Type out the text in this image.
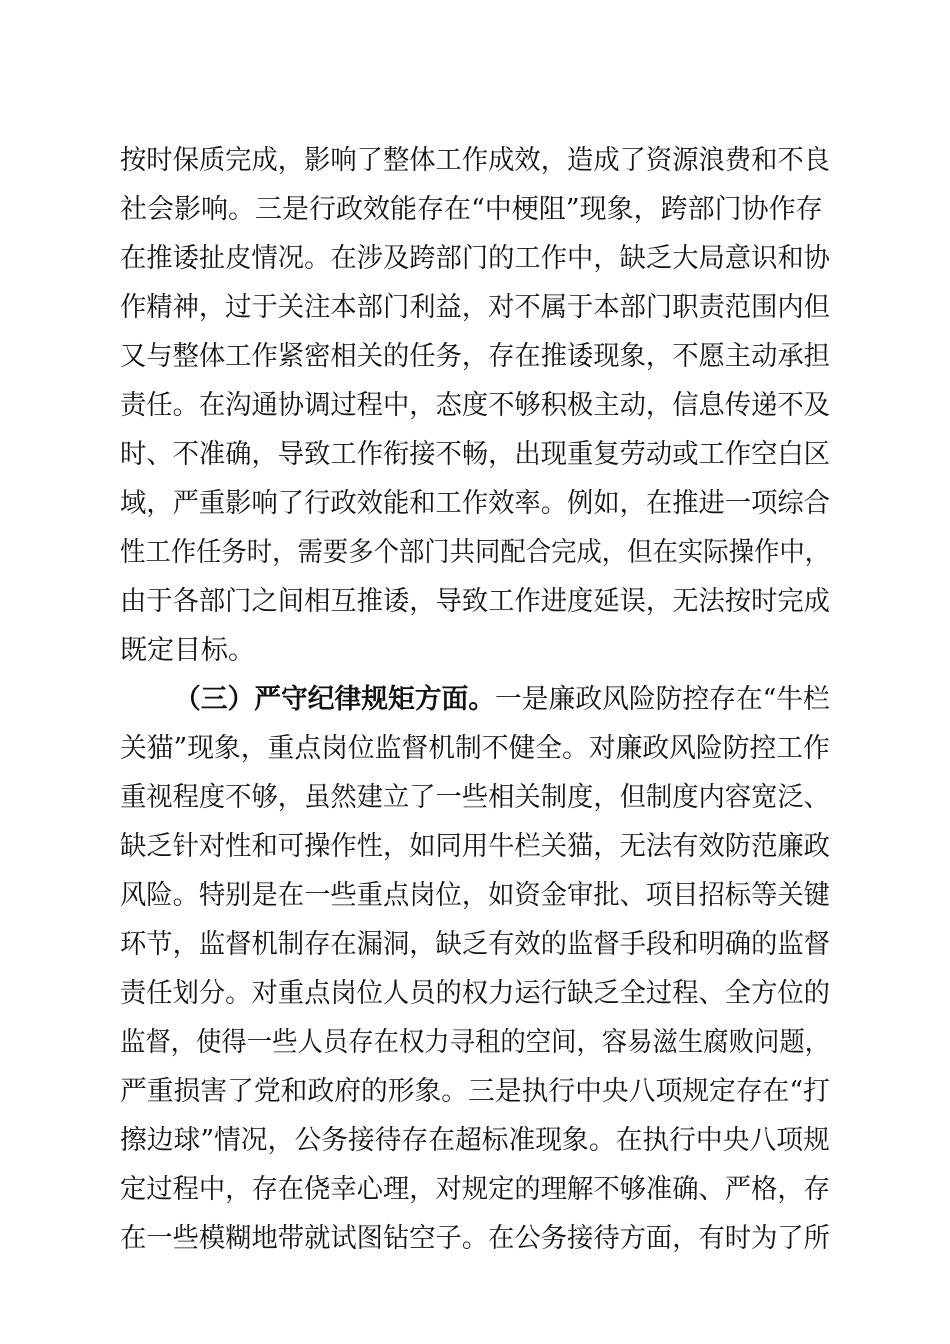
按时保质完成，影响了整体工作成效，造成了资源浪费和不良
社会影响。三是行政效能存在“中梗阻”现象，跨部门协作存
在推诿扯皮情况。在涉及跨部门的工作中，缺乏大局意识和协
作精神，过于关注本部门利益，对不属于本部门职责范围内但
又与整体工作紧密相关的任务，存在推诿现象，不愿主动承担
责任。在沟通协调过程中，态度不够积极主动，信息传递不及
时、不准确，导致工作衔接不畅，出现重复劳动或工作空白区
域，严重影响了行政效能和工作效率。例如，在推进一项综合
性工作任务时，需要多个部门共同配合完成，但在实际操作中，
由于各部门之间相互推诿，导致工作进度延误，无法按时完成
既定目标。
（三）严守纪律规矩方面。一是廉政风险防控存在“牛栏
关猫”现象，重点岗位监督机制不健全。对廉政风险防控工作
重视程度不够，虽然建立了一些相关制度，但制度内容宽泛、
缺乏针对性和可操作性，如同用牛栏关猫，无法有效防范廉政
风险。特别是在一些重点岗位，如资金审批、项目招标等关键
环节，监督机制存在漏洞，缺乏有效的监督手段和明确的监督
责任划分。对重点岗位人员的权力运行缺乏全过程、全方位的
监督，使得一些人员存在权力寻租的空间，容易滋生腐败问题，
严重损害了党和政府的形象。三是执行中央八项规定存在“打
擦边球”情况，公务接待存在超标准现象。在执行中央八项规
定过程中，存在侥幸心理，对规定的理解不够准确、严格，存
在一些模糊地带就试图钻空子。在公务接待方面，有时为了所
